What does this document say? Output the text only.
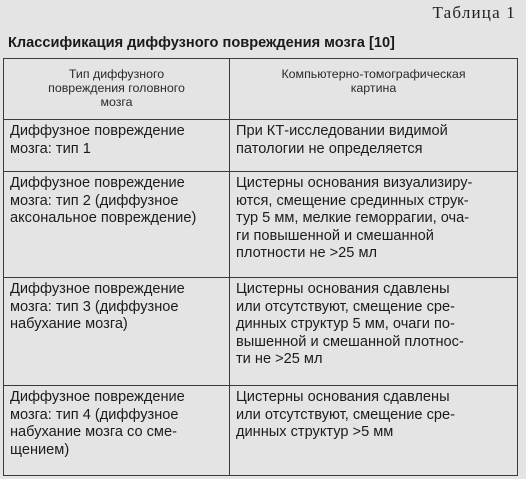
Таблица 1
Классификация диффузного повреждения мозга [10]
Тип диффузного
повреждения головного
мозга	Компьютерно-томографическая
картина

Диффузное повреждение
мозга: тип 1	При КТ-исследовании видимой
патологии не определяется

Диффузное повреждение
мозга: тип 2 (диффузное
аксональное повреждение)	Цистерны основания визуализиру-
ются, смещение срединных струк-
тур 5 мм, мелкие геморрагии, оча-
ги повышенной и смешанной
плотности не >25 мл

Диффузное повреждение
мозга: тип 3 (диффузное
набухание мозга)	Цистерны основания сдавлены
или отсутствуют, смещение сре-
динных структур 5 мм, очаги по-
вышенной и смешанной плотнос-
ти не >25 мл

Диффузное повреждение
мозга: тип 4 (диффузное
набухание мозга со сме-
щением)	Цистерны основания сдавлены
или отсутствуют, смещение сре-
динных структур >5 мм
